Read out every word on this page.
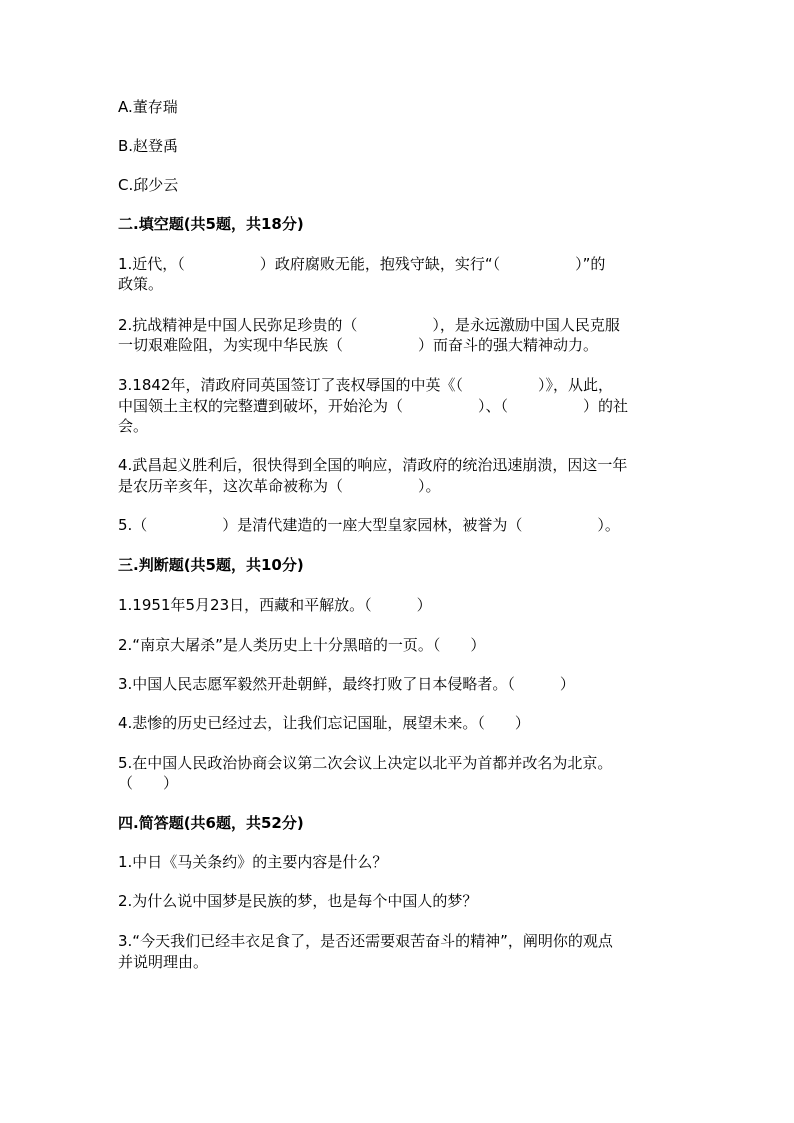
A.董存瑞
B.赵登禹
C.邱少云
二.填空题(共5题，共18分)
1.近代，（　　　　　）政府腐败无能，抱残守缺，实行“（　　　　　）”的
政策。
2.抗战精神是中国人民弥足珍贵的（　　　　　），是永远激励中国人民克服
一切艰难险阻，为实现中华民族（　　　　　）而奋斗的强大精神动力。
3.1842年，清政府同英国签订了丧权辱国的中英《（　　　　　）》，从此，
中国领土主权的完整遭到破坏，开始沦为（　　　　　）、（　　　　　）的社
会。
4.武昌起义胜利后，很快得到全国的响应，清政府的统治迅速崩溃，因这一年
是农历辛亥年，这次革命被称为（　　　　　）。
5.（　　　　　）是清代建造的一座大型皇家园林，被誉为（　　　　　）。
三.判断题(共5题，共10分)
1.1951年5月23日，西藏和平解放。（　　　）
2.“南京大屠杀”是人类历史上十分黑暗的一页。（　　）
3.中国人民志愿军毅然开赴朝鲜，最终打败了日本侵略者。（　　　）
4.悲惨的历史已经过去，让我们忘记国耻，展望未来。（　　）
5.在中国人民政治协商会议第二次会议上决定以北平为首都并改名为北京。
（　　）
四.简答题(共6题，共52分)
1.中日《马关条约》的主要内容是什么？
2.为什么说中国梦是民族的梦，也是每个中国人的梦？
3.“今天我们已经丰衣足食了，是否还需要艰苦奋斗的精神”，阐明你的观点
并说明理由。
